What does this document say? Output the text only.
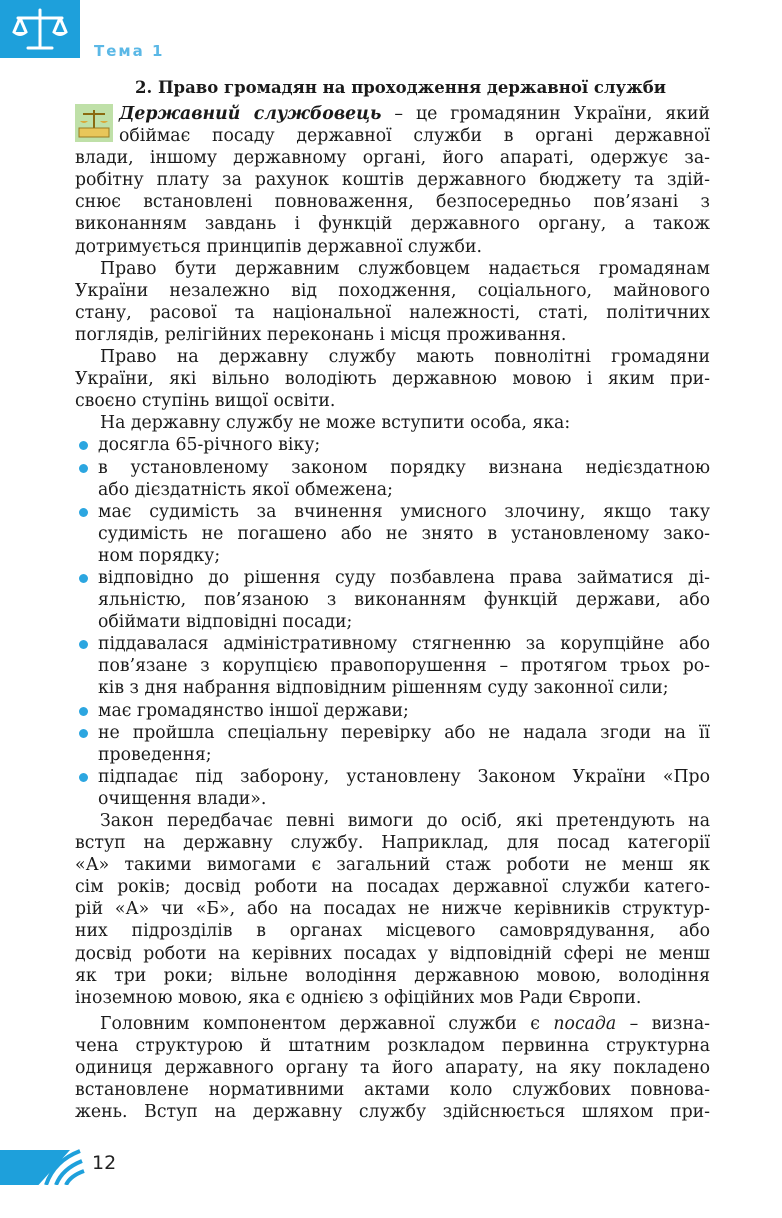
Тема 1
2. Право громадян на проходження державної служби
Державний службовець – це громадянин України, який
обіймає посаду державної служби в органі державної
влади, іншому державному органі, його апараті, одержує за-
робітну плату за рахунок коштів державного бюджету та здій-
снює встановлені повноваження, безпосередньо пов’язані з
виконанням завдань і функцій державного органу, а також
дотримується принципів державної служби.
Право бути державним службовцем надається громадянам
України незалежно від походження, соціального, майнового
стану, расової та національної належності, статі, політичних
поглядів, релігійних переконань і місця проживання.
Право на державну службу мають повнолітні громадяни
України, які вільно володіють державною мовою і яким при-
своєно ступінь вищої освіти.
На державну службу не може вступити особа, яка:
досягла 65-річного віку;
в установленому законом порядку визнана недієздатною
або дієздатність якої обмежена;
має судимість за вчинення умисного злочину, якщо таку
судимість не погашено або не знято в установленому зако-
ном порядку;
відповідно до рішення суду позбавлена права займатися ді-
яльністю, пов’язаною з виконанням функцій держави, або
обіймати відповідні посади;
піддавалася адміністративному стягненню за корупційне або
пов’язане з корупцією правопорушення – протягом трьох ро-
ків з дня набрання відповідним рішенням суду законної сили;
має громадянство іншої держави;
не пройшла спеціальну перевірку або не надала згоди на її
проведення;
підпадає під заборону, установлену Законом України «Про
очищення влади».
Закон передбачає певні вимоги до осіб, які претендують на
вступ на державну службу. Наприклад, для посад категорії
«А» такими вимогами є загальний стаж роботи не менш як
сім років; досвід роботи на посадах державної служби катего-
рій «А» чи «Б», або на посадах не нижче керівників структур-
них підрозділів в органах місцевого самоврядування, або
досвід роботи на керівних посадах у відповідній сфері не менш
як три роки; вільне володіння державною мовою, володіння
іноземною мовою, яка є однією з офіційних мов Ради Європи.
Головним компонентом державної служби є посада – визна-
чена структурою й штатним розкладом первинна структурна
одиниця державного органу та його апарату, на яку покладено
встановлене нормативними актами коло службових повнова-
жень. Вступ на державну службу здійснюється шляхом при-
12
